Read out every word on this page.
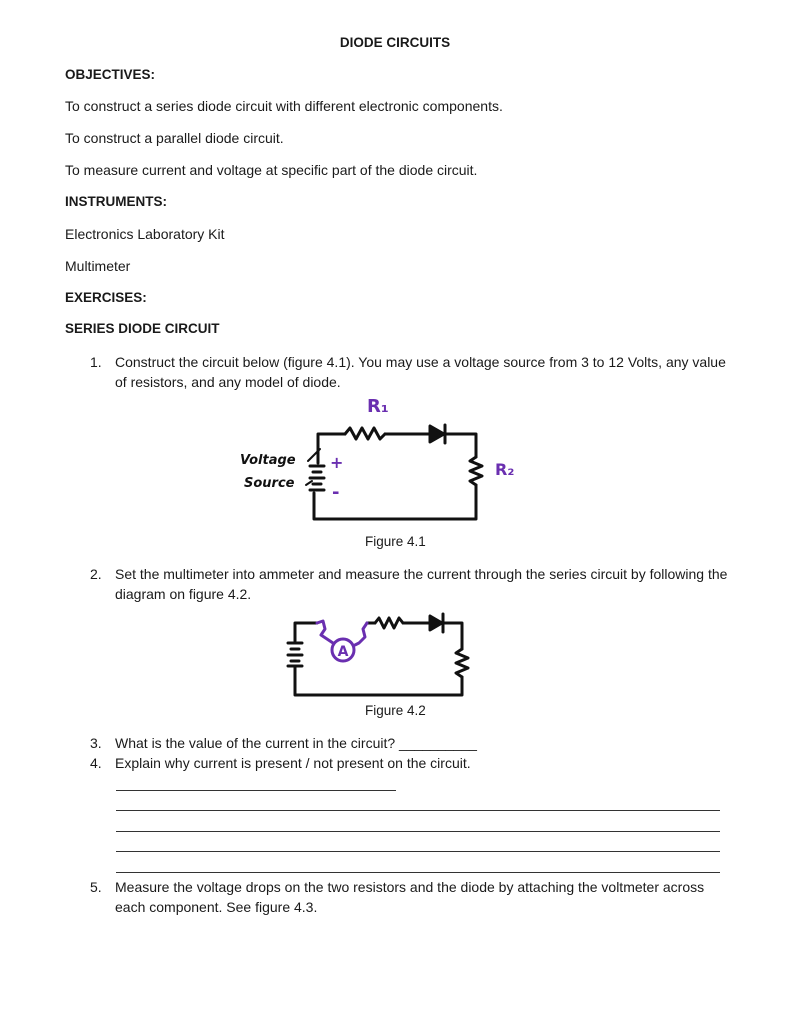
DIODE CIRCUITS
OBJECTIVES:
To construct a series diode circuit with different electronic components.
To construct a parallel diode circuit.
To measure current and voltage at specific part of the diode circuit.
INSTRUMENTS:
Electronics Laboratory Kit
Multimeter
EXERCISES:
SERIES DIODE CIRCUIT
1. Construct the circuit below (figure 4.1). You may use a voltage source from 3 to 12 Volts, any value of resistors, and any model of diode.
R₁
R₂
+
-
Voltage
Source
Figure 4.1
2. Set the multimeter into ammeter and measure the current through the series circuit by following the diagram on figure 4.2.
A
Figure 4.2
3. What is the value of the current in the circuit? __________
4. Explain why current is present / not present on the circuit.
5. Measure the voltage drops on the two resistors and the diode by attaching the voltmeter across each component. See figure 4.3.
